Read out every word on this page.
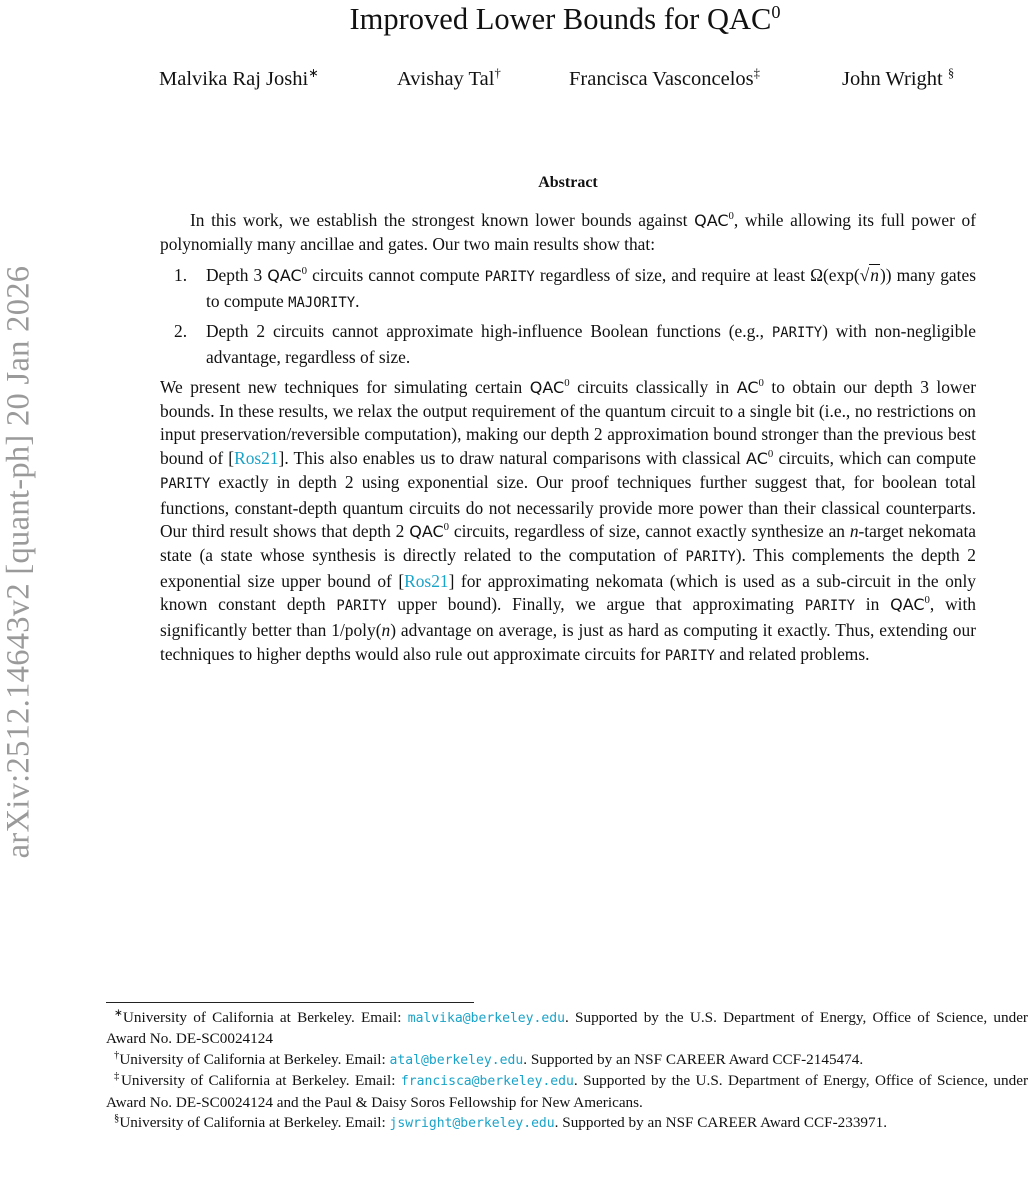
arXiv:2512.14643v2 [quant-ph] 20 Jan 2026
Improved Lower Bounds for QAC$^0$
Malvika Raj Joshi∗	Avishay Tal†	Francisca Vasconcelos‡	John Wright §
Abstract

In this work, we establish the strongest known lower bounds against QAC$^0$, while allowing its full power of polynomially many ancillae and gates. Our two main results show that:

1. Depth 3 QAC$^0$ circuits cannot compute PARITY regardless of size, and require at least Ω(exp(√n)) many gates to compute MAJORITY.
2. Depth 2 circuits cannot approximate high-influence Boolean functions (e.g., PARITY) with non-negligible advantage, regardless of size.

We present new techniques for simulating certain QAC$^0$ circuits classically in $AC^0$ to obtain our depth 3 lower bounds. In these results, we relax the output requirement of the quantum circuit to a single bit (i.e., no restrictions on input preservation/reversible computation), making our depth 2 approximation bound stronger than the previous best bound of [Ros21]. This also enables us to draw natural comparisons with classical $AC^0$ circuits, which can compute PARITY exactly in depth 2 using exponential size. Our proof techniques further suggest that, for boolean total functions, constant-depth quantum circuits do not necessarily provide more power than their classical counterparts. Our third result shows that depth 2 QAC$^0$ circuits, regardless of size, cannot exactly synthesize an n-target nekomata state (a state whose synthesis is directly related to the computation of PARITY). This complements the depth 2 exponential size upper bound of [Ros21] for approximating nekomata (which is used as a sub-circuit in the only known constant depth PARITY upper bound). Finally, we argue that approximating PARITY in QAC$^0$, with significantly better than 1/poly(n) advantage on average, is just as hard as computing it exactly. Thus, extending our techniques to higher depths would also rule out approximate circuits for PARITY and related problems.

∗University of California at Berkeley. Email: malvika@berkeley.edu. Supported by the U.S. Department of Energy, Office of Science, under Award No. DE-SC0024124

†University of California at Berkeley. Email: atal@berkeley.edu. Supported by an NSF CAREER Award CCF-2145474.

‡University of California at Berkeley. Email: francisca@berkeley.edu. Supported by the U.S. Department of Energy, Office of Science, under Award No. DE-SC0024124 and the Paul & Daisy Soros Fellowship for New Americans.

§University of California at Berkeley. Email: jswright@berkeley.edu. Supported by an NSF CAREER Award CCF-233971.
